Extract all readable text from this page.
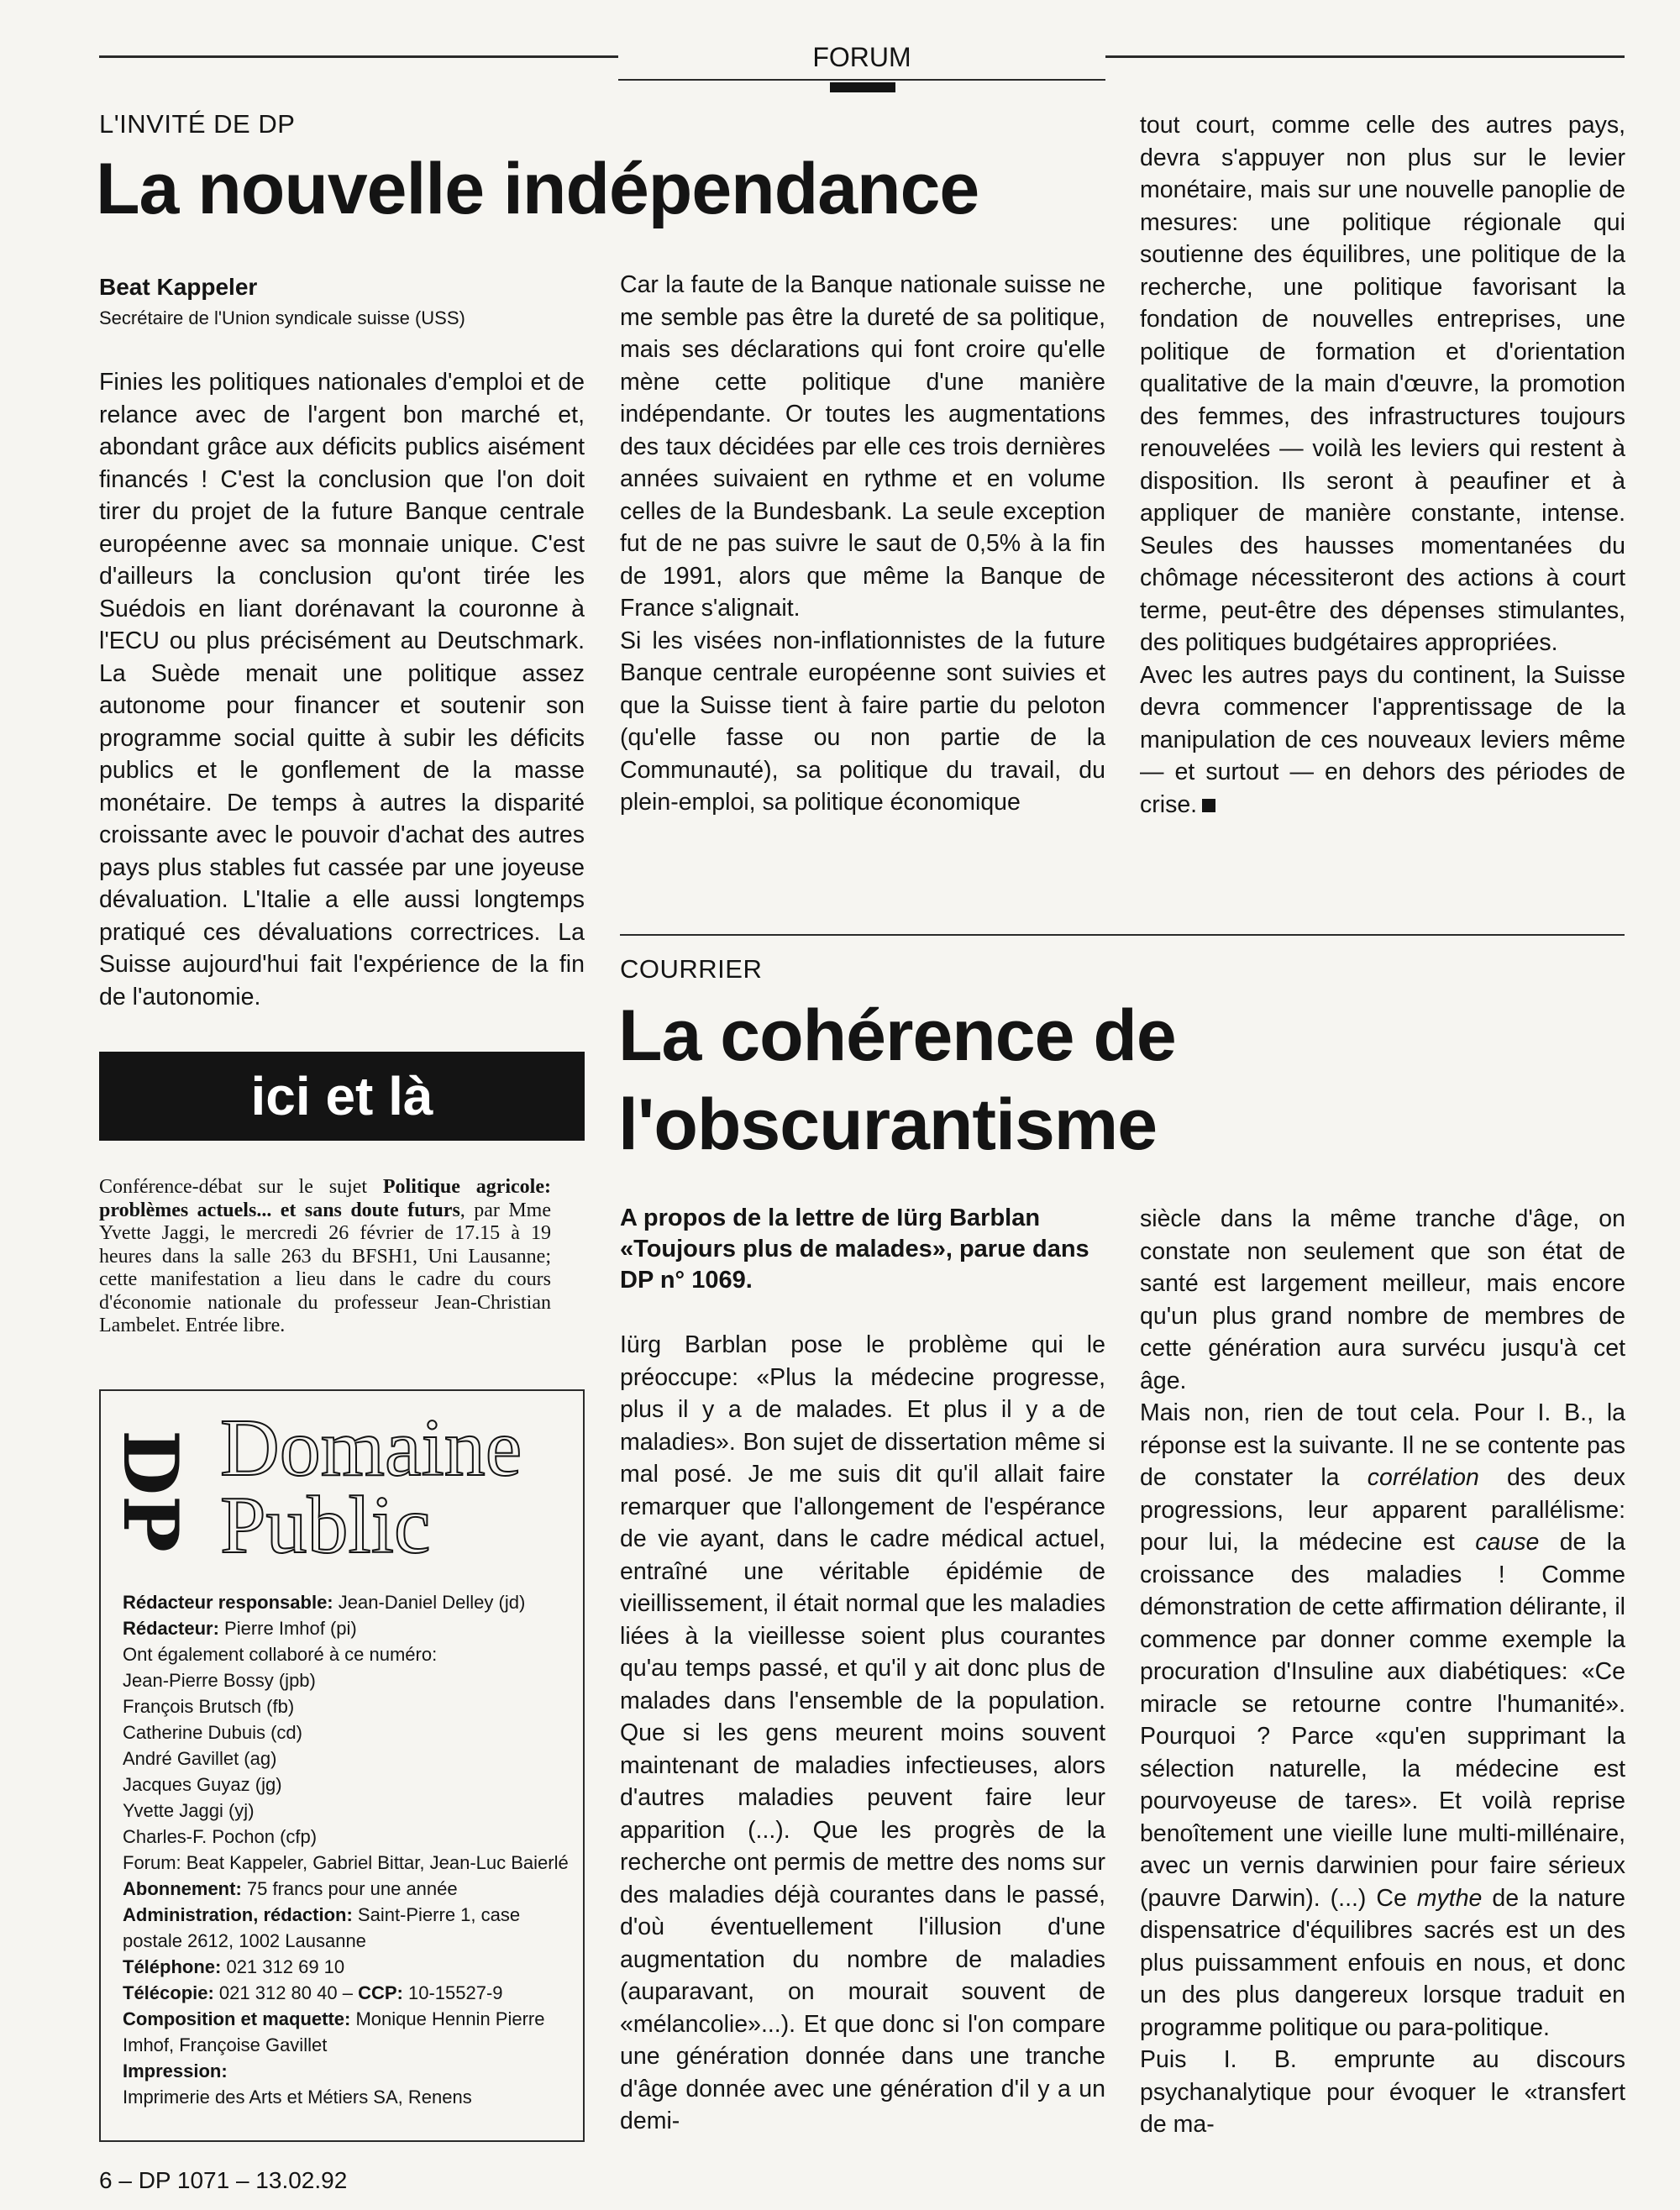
FORUM
L'INVITÉ DE DP
La nouvelle indépendance
Beat Kappeler
Secrétaire de l'Union syndicale suisse (USS)

Finies les politiques nationales d'emploi et de relance avec de l'argent bon marché et, abondant grâce aux déficits publics aisément financés ! C'est la conclusion que l'on doit tirer du projet de la future Banque centrale européenne avec sa monnaie unique. C'est d'ailleurs la conclusion qu'ont tirée les Suédois en liant dorénavant la couronne à l'ECU ou plus précisément au Deutschmark. La Suède menait une politique assez autonome pour financer et soutenir son programme social quitte à subir les déficits publics et le gonflement de la masse monétaire. De temps à autres la disparité croissante avec le pouvoir d'achat des autres pays plus stables fut cassée par une joyeuse dévaluation. L'Italie a elle aussi longtemps pratiqué ces dévaluations correctrices. La Suisse aujourd'hui fait l'expérience de la fin de l'autonomie.

Car la faute de la Banque nationale suisse ne me semble pas être la dureté de sa politique, mais ses déclarations qui font croire qu'elle mène cette politique d'une manière indépendante. Or toutes les augmentations des taux décidées par elle ces trois dernières années suivaient en rythme et en volume celles de la Bundesbank. La seule exception fut de ne pas suivre le saut de 0,5% à la fin de 1991, alors que même la Banque de France s'alignait.

Si les visées non-inflationnistes de la future Banque centrale européenne sont suivies et que la Suisse tient à faire partie du peloton (qu'elle fasse ou non partie de la Communauté), sa politique du travail, du plein-emploi, sa politique économique

tout court, comme celle des autres pays, devra s'appuyer non plus sur le levier monétaire, mais sur une nouvelle panoplie de mesures: une politique régionale qui soutienne des équilibres, une politique de la recherche, une politique favorisant la fondation de nouvelles entreprises, une politique de formation et d'orientation qualitative de la main d'œuvre, la promotion des femmes, des infrastructures toujours renouvelées — voilà les leviers qui restent à disposition. Ils seront à peaufiner et à appliquer de manière constante, intense. Seules des hausses momentanées du chômage nécessiteront des actions à court terme, peut-être des dépenses stimulantes, des politiques budgétaires appropriées.

Avec les autres pays du continent, la Suisse devra commencer l'apprentissage de la manipulation de ces nouveaux leviers même — et surtout — en dehors des périodes de crise.

ici et là
Conférence-débat sur le sujet Politique agricole: problèmes actuels... et sans doute futurs, par Mme Yvette Jaggi, le mercredi 26 février de 17.15 à 19 heures dans la salle 263 du BFSH1, Uni Lausanne; cette manifestation a lieu dans le cadre du cours d'économie nationale du professeur Jean-Christian Lambelet. Entrée libre.
DP Domaine
Public

Rédacteur responsable: Jean-Daniel Delley (jd)

Rédacteur: Pierre Imhof (pi)

Ont également collaboré à ce numéro:

Jean-Pierre Bossy (jpb)

François Brutsch (fb)

Catherine Dubuis (cd)

André Gavillet (ag)

Jacques Guyaz (jg)

Yvette Jaggi (yj)

Charles-F. Pochon (cfp)

Forum: Beat Kappeler, Gabriel Bittar, Jean-Luc Baierlé

Abonnement: 75 francs pour une année

Administration, rédaction: Saint-Pierre 1, case postale 2612, 1002 Lausanne

Téléphone: 021 312 69 10

Télécopie: 021 312 80 40 – CCP: 10-15527-9

Composition et maquette: Monique Hennin Pierre Imhof, Françoise Gavillet

Impression:

Imprimerie des Arts et Métiers SA, Renens

COURRIER
La cohérence de
l'obscurantisme
A propos de la lettre de Iürg Barblan «Toujours plus de malades», parue dans DP n° 1069.

Iürg Barblan pose le problème qui le préoccupe: «Plus la médecine progresse, plus il y a de malades. Et plus il y a de maladies». Bon sujet de dissertation même si mal posé. Je me suis dit qu'il allait faire remarquer que l'allongement de l'espérance de vie ayant, dans le cadre médical actuel, entraîné une véritable épidémie de vieillissement, il était normal que les maladies liées à la vieillesse soient plus courantes qu'au temps passé, et qu'il y ait donc plus de malades dans l'ensemble de la population. Que si les gens meurent moins souvent maintenant de maladies infectieuses, alors d'autres maladies peuvent faire leur apparition (...). Que les progrès de la recherche ont permis de mettre des noms sur des maladies déjà courantes dans le passé, d'où éventuellement l'illusion d'une augmentation du nombre de maladies (auparavant, on mourait souvent de «mélancolie»...). Et que donc si l'on compare une génération donnée dans une tranche d'âge donnée avec une génération d'il y a un demi-

siècle dans la même tranche d'âge, on constate non seulement que son état de santé est largement meilleur, mais encore qu'un plus grand nombre de membres de cette génération aura survécu jusqu'à cet âge.

Mais non, rien de tout cela. Pour I. B., la réponse est la suivante. Il ne se contente pas de constater la corrélation des deux progressions, leur apparent parallélisme: pour lui, la médecine est cause de la croissance des maladies ! Comme démonstration de cette affirmation délirante, il commence par donner comme exemple la procuration d'Insuline aux diabétiques: «Ce miracle se retourne contre l'humanité». Pourquoi ? Parce «qu'en supprimant la sélection naturelle, la médecine est pourvoyeuse de tares». Et voilà reprise benoîtement une vieille lune multi-millénaire, avec un vernis darwinien pour faire sérieux (pauvre Darwin). (...) Ce mythe de la nature dispensatrice d'équilibres sacrés est un des plus puissamment enfouis en nous, et donc un des plus dangereux lorsque traduit en programme politique ou para-politique.

Puis I. B. emprunte au discours psychanalytique pour évoquer le «transfert de ma-

6 – DP 1071 – 13.02.92
